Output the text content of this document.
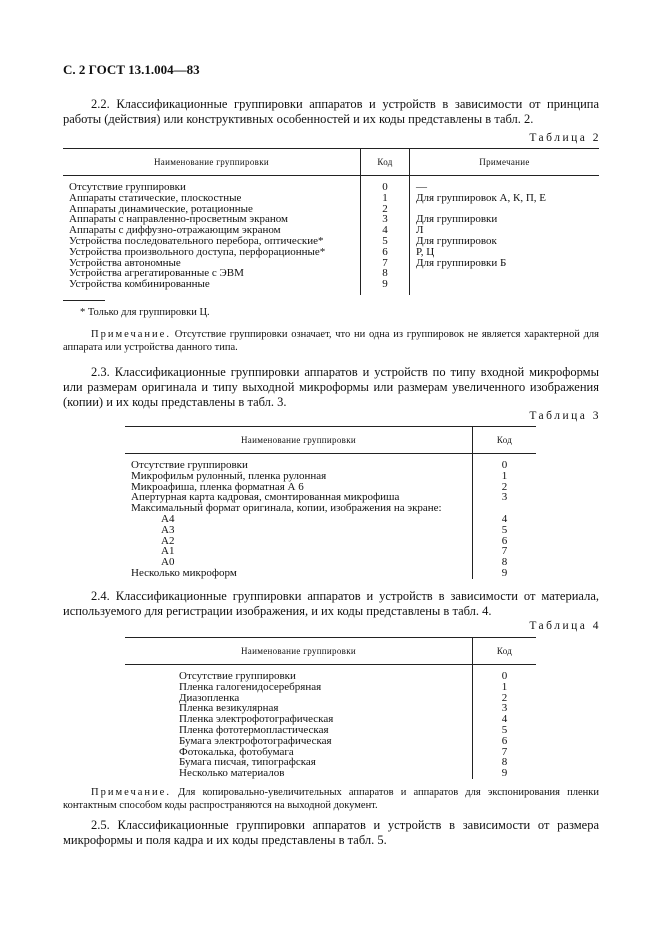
С. 2 ГОСТ 13.1.004—83
2.2. Классификационные группировки аппаратов и устройств в зависимости от принципа работы (действия) или конструктивных особенностей и их коды представлены в табл. 2.
Таблица 2
Наименование группировки	Код	Примечание
Отсутствие группировки	0	—
Аппараты статические, плоскостные	1	Для группировок А, К, П, Е
Аппараты динамические, ротационные	2	
Аппараты с направленно-просветным экраном	3	Для группировки
Аппараты с диффузно-отражающим экраном	4	Л
Устройства последовательного перебора, оптические*	5	Для группировок
Устройства произвольного доступа, перфорационные*	6	Р, Ц
Устройства автономные	7	Для группировки Б
Устройства агрегатированные с ЭВМ	8	
Устройства комбинированные	9	
* Только для группировки Ц.
Примечание. Отсутствие группировки означает, что ни одна из группировок не является характерной для аппарата или устройства данного типа.
2.3. Классификационные группировки аппаратов и устройств по типу входной микроформы или размерам оригинала и типу выходной микроформы или размерам увеличенного изображения (копии) и их коды представлены в табл. 3.
Таблица 3
Наименование группировки	Код
Отсутствие группировки	0
Микрофильм рулонный, пленка рулонная	1
Микроафиша, пленка форматная А 6	2
Апертурная карта кадровая, смонтированная микрофиша	3
Максимальный формат оригинала, копии, изображения на экране:	
А4	4
А3	5
А2	6
А1	7
А0	8
Несколько микроформ	9
2.4. Классификационные группировки аппаратов и устройств в зависимости от материала, используемого для регистрации изображения, и их коды представлены в табл. 4.
Таблица 4
Наименование группировки	Код
Отсутствие группировки	0
Пленка галогенидосеребряная	1
Диазопленка	2
Пленка везикулярная	3
Пленка электрофотографическая	4
Пленка фототермопластическая	5
Бумага электрофотографическая	6
Фотокалька, фотобумага	7
Бумага писчая, типографская	8
Несколько материалов	9
Примечание. Для копировально-увеличительных аппаратов и аппаратов для экспонирования пленки контактным способом коды распространяются на выходной документ.
2.5. Классификационные группировки аппаратов и устройств в зависимости от размера микроформы и поля кадра и их коды представлены в табл. 5.
